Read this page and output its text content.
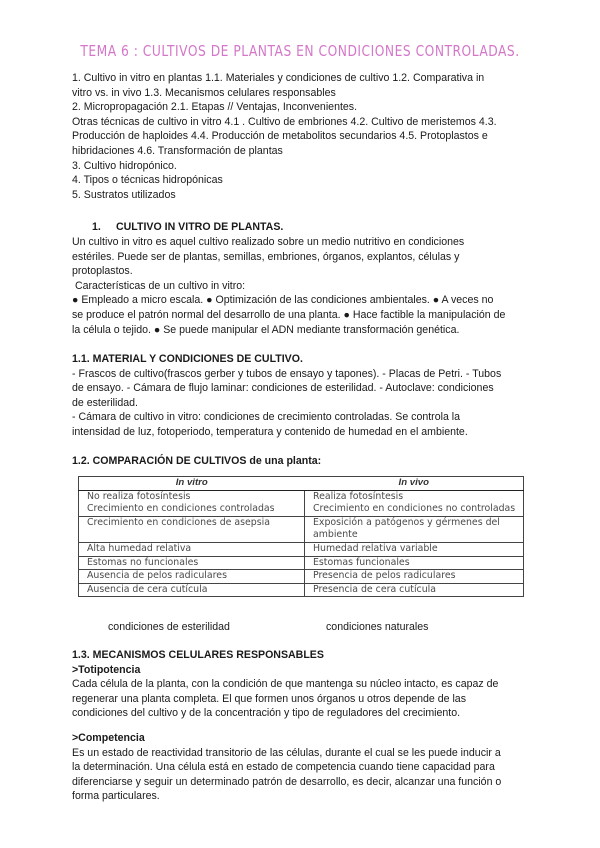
TEMA 6 : CULTIVOS DE PLANTAS EN CONDICIONES CONTROLADAS.

1. Cultivo in vitro en plantas 1.1. Materiales y condiciones de cultivo 1.2. Comparativa in

vitro vs. in vivo 1.3. Mecanismos celulares responsables

2. Micropropagación 2.1. Etapas // Ventajas, Inconvenientes.

Otras técnicas de cultivo in vitro 4.1 . Cultivo de embriones 4.2. Cultivo de meristemos 4.3.

Producción de haploides 4.4. Producción de metabolitos secundarios 4.5. Protoplastos e

hibridaciones 4.6. Transformación de plantas

3. Cultivo hidropónico.

4. Tipos o técnicas hidropónicas

5. Sustratos utilizados

1. CULTIVO IN VITRO DE PLANTAS.

Un cultivo in vitro es aquel cultivo realizado sobre un medio nutritivo en condiciones

estériles. Puede ser de plantas, semillas, embriones, órganos, explantos, células y

protoplastos.

Características de un cultivo in vitro:

● Empleado a micro escala. ● Optimización de las condiciones ambientales. ● A veces no

se produce el patrón normal del desarrollo de una planta. ● Hace factible la manipulación de

la célula o tejido. ● Se puede manipular el ADN mediante transformación genética.

1.1. MATERIAL Y CONDICIONES DE CULTIVO.

- Frascos de cultivo(frascos gerber y tubos de ensayo y tapones). - Placas de Petri. - Tubos

de ensayo. - Cámara de flujo laminar: condiciones de esterilidad. - Autoclave: condiciones

de esterilidad.

- Cámara de cultivo in vitro: condiciones de crecimiento controladas. Se controla la

intensidad de luz, fotoperiodo, temperatura y contenido de humedad en el ambiente.

1.2. COMPARACIÓN DE CULTIVOS de una planta:

In vitro	In vivo
No realiza fotosíntesis	Realiza fotosíntesis
Crecimiento en condiciones controladas	Crecimiento en condiciones no controladas
Crecimiento en condiciones de asepsia	Exposición a patógenos y gérmenes del ambiente
Alta humedad relativa	Humedad relativa variable
Estomas no funcionales	Estomas funcionales
Ausencia de pelos radiculares	Presencia de pelos radiculares
Ausencia de cera cutícula	Presencia de cera cutícula
condiciones de esterilidad	condiciones naturales

1.3. MECANISMOS CELULARES RESPONSABLES

>Totipotencia

Cada célula de la planta, con la condición de que mantenga su núcleo intacto, es capaz de

regenerar una planta completa. El que formen unos órganos u otros depende de las

condiciones del cultivo y de la concentración y tipo de reguladores del crecimiento.

>Competencia

Es un estado de reactividad transitorio de las células, durante el cual se les puede inducir a

la determinación. Una célula está en estado de competencia cuando tiene capacidad para

diferenciarse y seguir un determinado patrón de desarrollo, es decir, alcanzar una función o

forma particulares.
